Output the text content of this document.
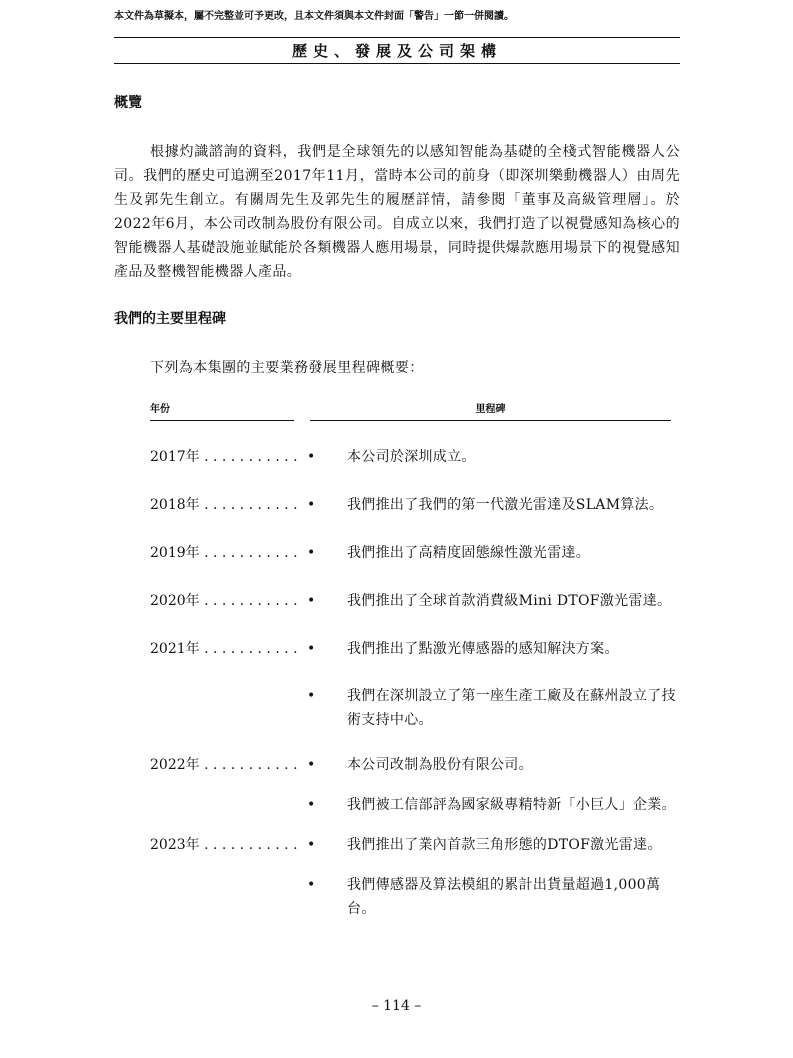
本文件為草擬本，屬不完整並可予更改，且本文件須與本文件封面「警告」一節一併閱讀。
歷史、發展及公司架構
概覽
根據灼識諮詢的資料，我們是全球領先的以感知智能為基礎的全棧式智能機器人公司。我們的歷史可追溯至2017年11月，當時本公司的前身（即深圳樂動機器人）由周先生及郭先生創立。有關周先生及郭先生的履歷詳情，請參閱「董事及高級管理層」。於2022年6月，本公司改制為股份有限公司。自成立以來，我們打造了以視覺感知為核心的智能機器人基礎設施並賦能於各類機器人應用場景，同時提供爆款應用場景下的視覺感知產品及整機智能機器人產品。
我們的主要里程碑
下列為本集團的主要業務發展里程碑概要：
年份	里程碑
2017年 . . . . . . . . . . . • 本公司於深圳成立。
2018年 . . . . . . . . . . . • 我們推出了我們的第一代激光雷達及SLAM算法。
2019年 . . . . . . . . . . . • 我們推出了高精度固態線性激光雷達。
2020年 . . . . . . . . . . . • 我們推出了全球首款消費級Mini DTOF激光雷達。
2021年 . . . . . . . . . . . • 我們推出了點激光傳感器的感知解決方案。
• 我們在深圳設立了第一座生產工廠及在蘇州設立了技術支持中心。
2022年 . . . . . . . . . . . • 本公司改制為股份有限公司。
• 我們被工信部評為國家級專精特新「小巨人」企業。
2023年 . . . . . . . . . . . • 我們推出了業內首款三角形態的DTOF激光雷達。
• 我們傳感器及算法模組的累計出貨量超過1,000萬台。
– 114 –
